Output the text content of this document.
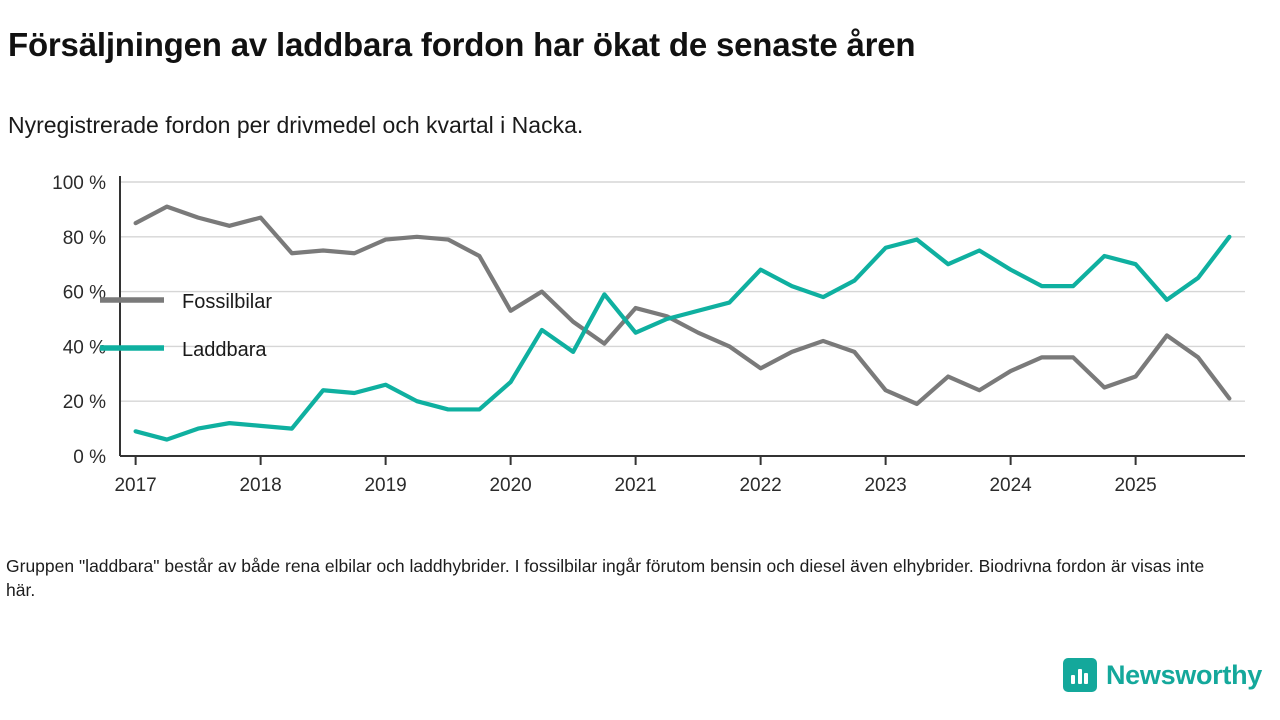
Försäljningen av laddbara fordon har ökat de senaste åren
Nyregistrerade fordon per drivmedel och kvartal i Nacka.
0 %
20 %
40 %
60 %
80 %
100 %
2017	2018	2019	2020	2021	2022	2023	2024	2025
Fossilbilar
Laddbara
Gruppen "laddbara" består av både rena elbilar och laddhybrider. I fossilbilar ingår förutom bensin och diesel även elhybrider. Biodrivna fordon är visas inte här.
Newsworthy
